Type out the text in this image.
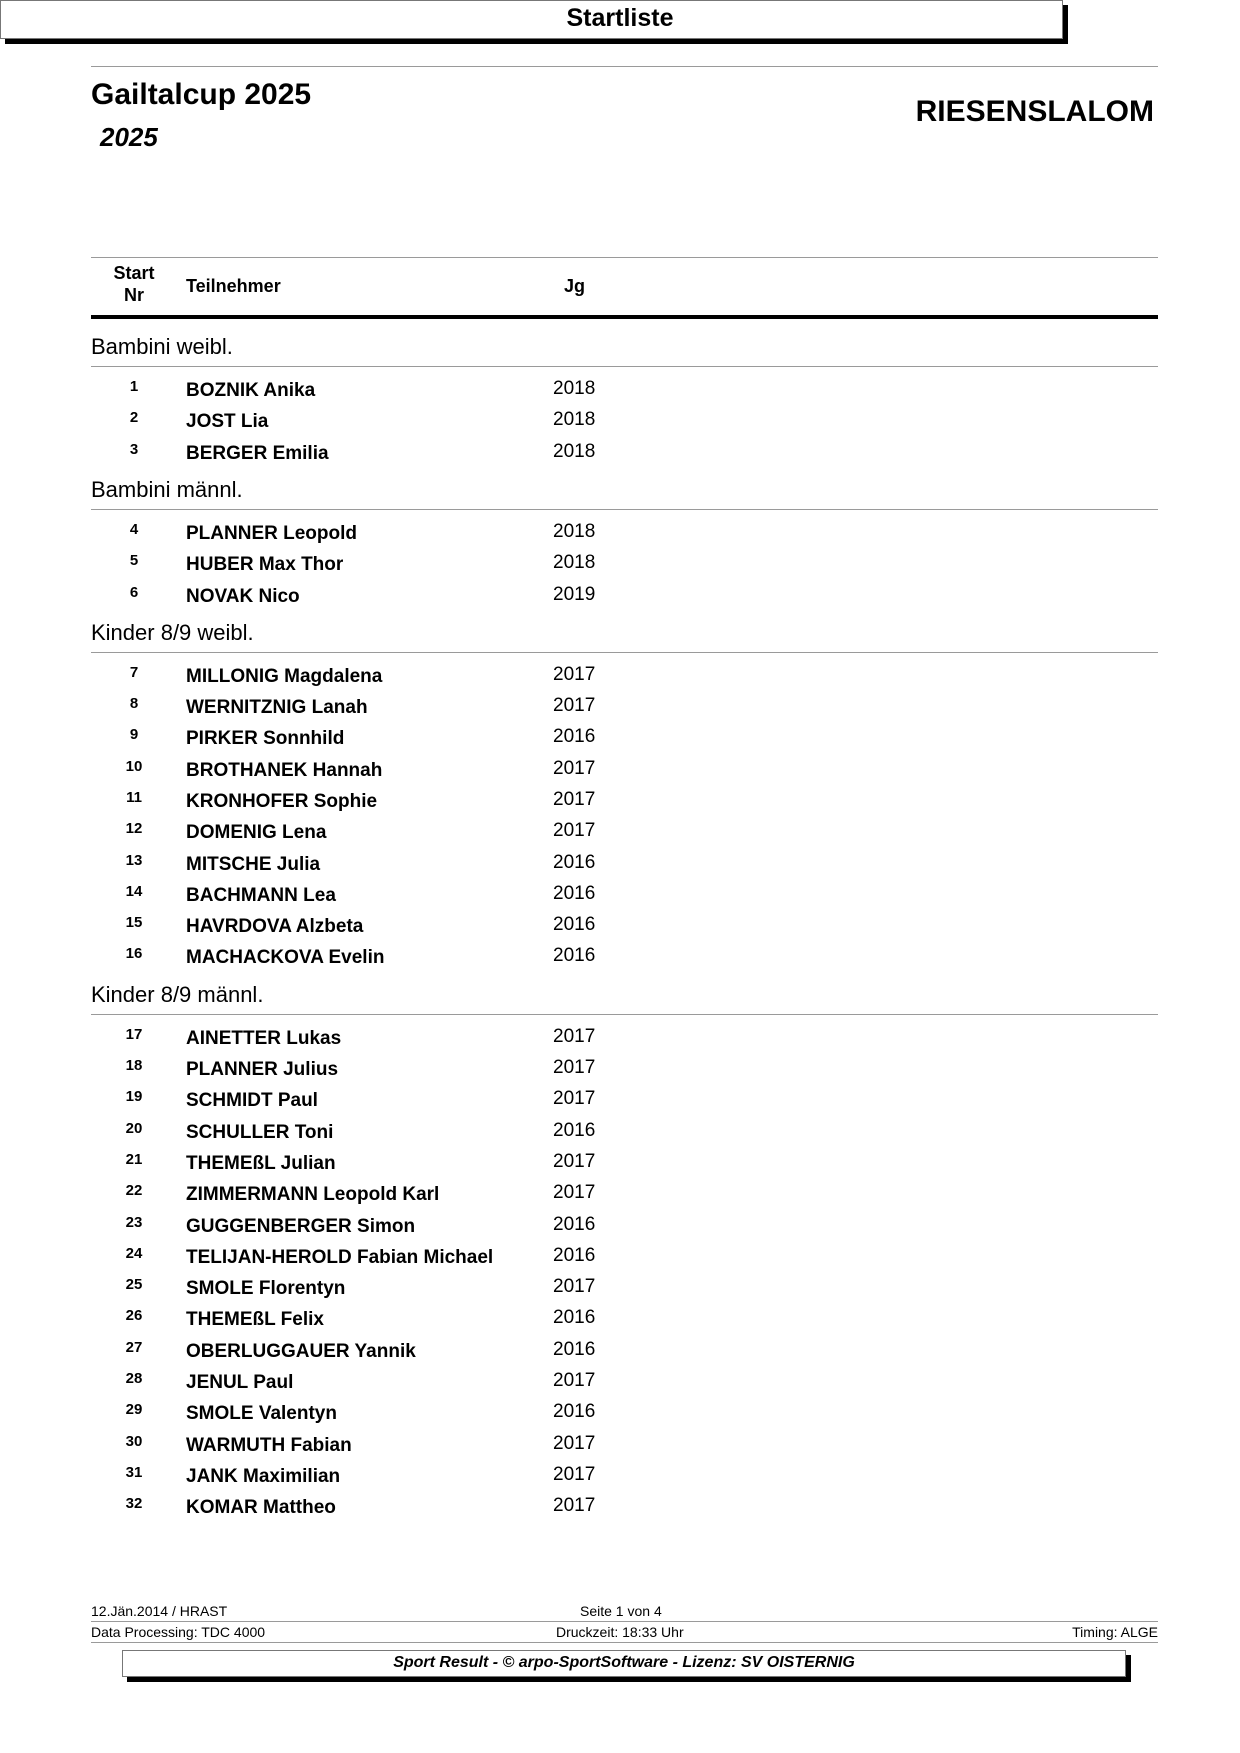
Gailtalcup 2025
2025
RIESENSLALOM
Startliste
Start
Nr	Teilnehmer	Jg
Bambini weibl.
1	BOZNIK Anika	2018
2	JOST Lia	2018
3	BERGER Emilia	2018
Bambini männl.
4	PLANNER Leopold	2018
5	HUBER Max Thor	2018
6	NOVAK Nico	2019
Kinder 8/9 weibl.
7	MILLONIG Magdalena	2017
8	WERNITZNIG Lanah	2017
9	PIRKER Sonnhild	2016
10	BROTHANEK Hannah	2017
11	KRONHOFER Sophie	2017
12	DOMENIG Lena	2017
13	MITSCHE Julia	2016
14	BACHMANN Lea	2016
15	HAVRDOVA Alzbeta	2016
16	MACHACKOVA Evelin	2016
Kinder 8/9 männl.
17	AINETTER Lukas	2017
18	PLANNER Julius	2017
19	SCHMIDT Paul	2017
20	SCHULLER Toni	2016
21	THEMEßL Julian	2017
22	ZIMMERMANN Leopold Karl	2017
23	GUGGENBERGER Simon	2016
24	TELIJAN-HEROLD Fabian Michael	2016
25	SMOLE Florentyn	2017
26	THEMEßL Felix	2016
27	OBERLUGGAUER Yannik	2016
28	JENUL Paul	2017
29	SMOLE Valentyn	2016
30	WARMUTH Fabian	2017
31	JANK Maximilian	2017
32	KOMAR Mattheo	2017
12.Jän.2014 / HRAST	Seite 1 von 4
Data Processing: TDC 4000	Druckzeit: 18:33 Uhr	Timing: ALGE
Sport Result - © arpo-SportSoftware - Lizenz: SV OISTERNIG
